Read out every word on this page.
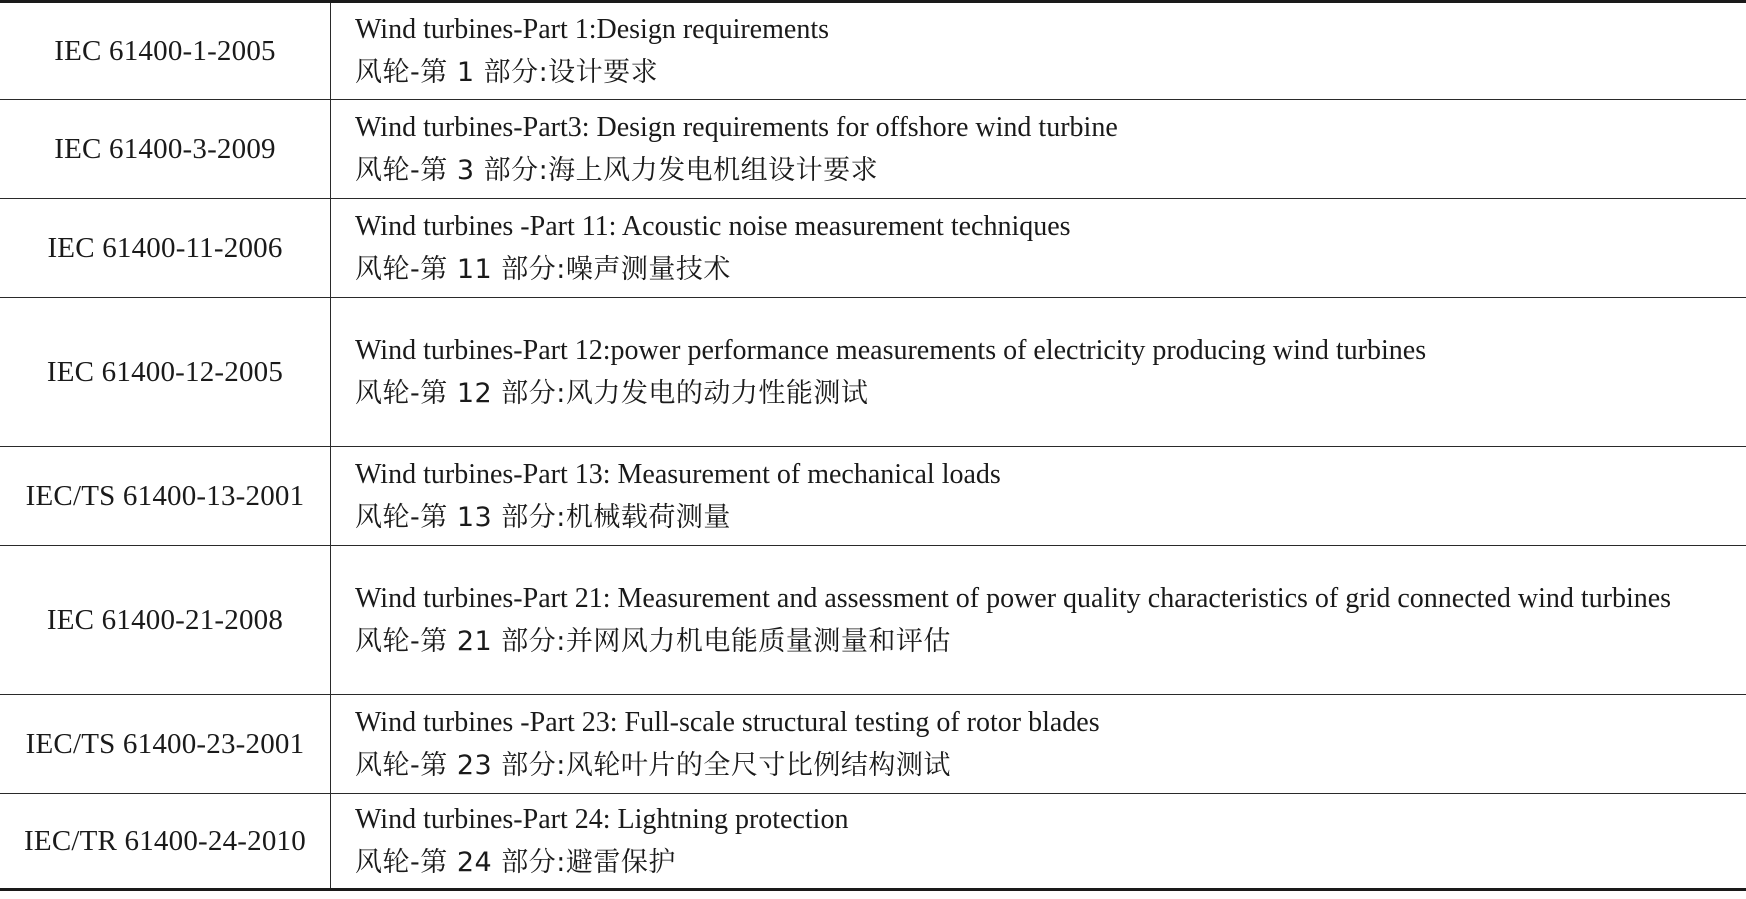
IEC 61400-1-2005	Wind turbines-Part 1:Design requirements
风轮-第 1 部分:设计要求

IEC 61400-3-2009	Wind turbines-Part3: Design requirements for offshore wind turbine
风轮-第 3 部分:海上风力发电机组设计要求

IEC 61400-11-2006	Wind turbines -Part 11: Acoustic noise measurement techniques
风轮-第 11 部分:噪声测量技术

IEC 61400-12-2005	Wind turbines-Part 12:power performance measurements of electricity producing wind turbines
风轮-第 12 部分:风力发电的动力性能测试

IEC/TS 61400-13-2001	Wind turbines-Part 13: Measurement of mechanical loads
风轮-第 13 部分:机械载荷测量

IEC 61400-21-2008	Wind turbines-Part 21: Measurement and assessment of power quality characteristics of grid connected wind turbines
风轮-第 21 部分:并网风力机电能质量测量和评估

IEC/TS 61400-23-2001	Wind turbines -Part 23: Full-scale structural testing of rotor blades
风轮-第 23 部分:风轮叶片的全尺寸比例结构测试

IEC/TR 61400-24-2010	Wind turbines-Part 24: Lightning protection
风轮-第 24 部分:避雷保护
